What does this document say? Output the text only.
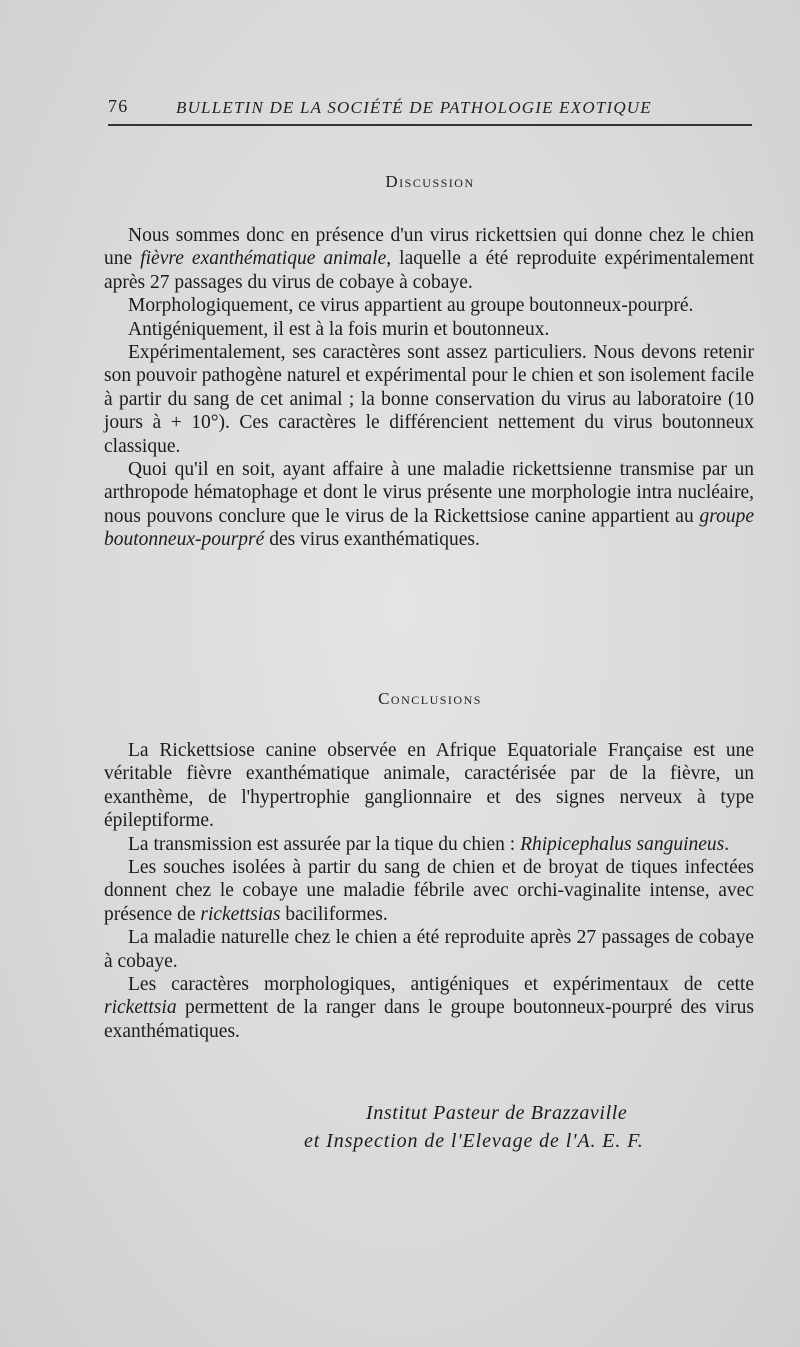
76	BULLETIN DE LA SOCIÉTÉ DE PATHOLOGIE EXOTIQUE
Discussion

Nous sommes donc en présence d'un virus rickettsien qui donne chez le chien une fièvre exanthématique animale, laquelle a été reproduite expérimentalement après 27 passages du virus de cobaye à cobaye.

Morphologiquement, ce virus appartient au groupe boutonneux-pourpré.

Antigéniquement, il est à la fois murin et boutonneux.

Expérimentalement, ses caractères sont assez particuliers. Nous devons retenir son pouvoir pathogène naturel et expérimental pour le chien et son isolement facile à partir du sang de cet animal ; la bonne conservation du virus au laboratoire (10 jours à + 10°). Ces caractères le différencient nettement du virus boutonneux classique.

Quoi qu'il en soit, ayant affaire à une maladie rickettsienne transmise par un arthropode hématophage et dont le virus présente une morphologie intra nucléaire, nous pouvons conclure que le virus de la Rickettsiose canine appartient au groupe boutonneux-pourpré des virus exanthématiques.

Conclusions

La Rickettsiose canine observée en Afrique Equatoriale Française est une véritable fièvre exanthématique animale, caractérisée par de la fièvre, un exanthème, de l'hypertrophie ganglionnaire et des signes nerveux à type épileptiforme.

La transmission est assurée par la tique du chien : Rhipicephalus sanguineus.

Les souches isolées à partir du sang de chien et de broyat de tiques infectées donnent chez le cobaye une maladie fébrile avec orchi-vaginalite intense, avec présence de rickettsias baciliformes.

La maladie naturelle chez le chien a été reproduite après 27 passages de cobaye à cobaye.

Les caractères morphologiques, antigéniques et expérimentaux de cette rickettsia permettent de la ranger dans le groupe boutonneux-pourpré des virus exanthématiques.

Institut Pasteur de Brazzaville
et Inspection de l'Elevage de l'A. E. F.
